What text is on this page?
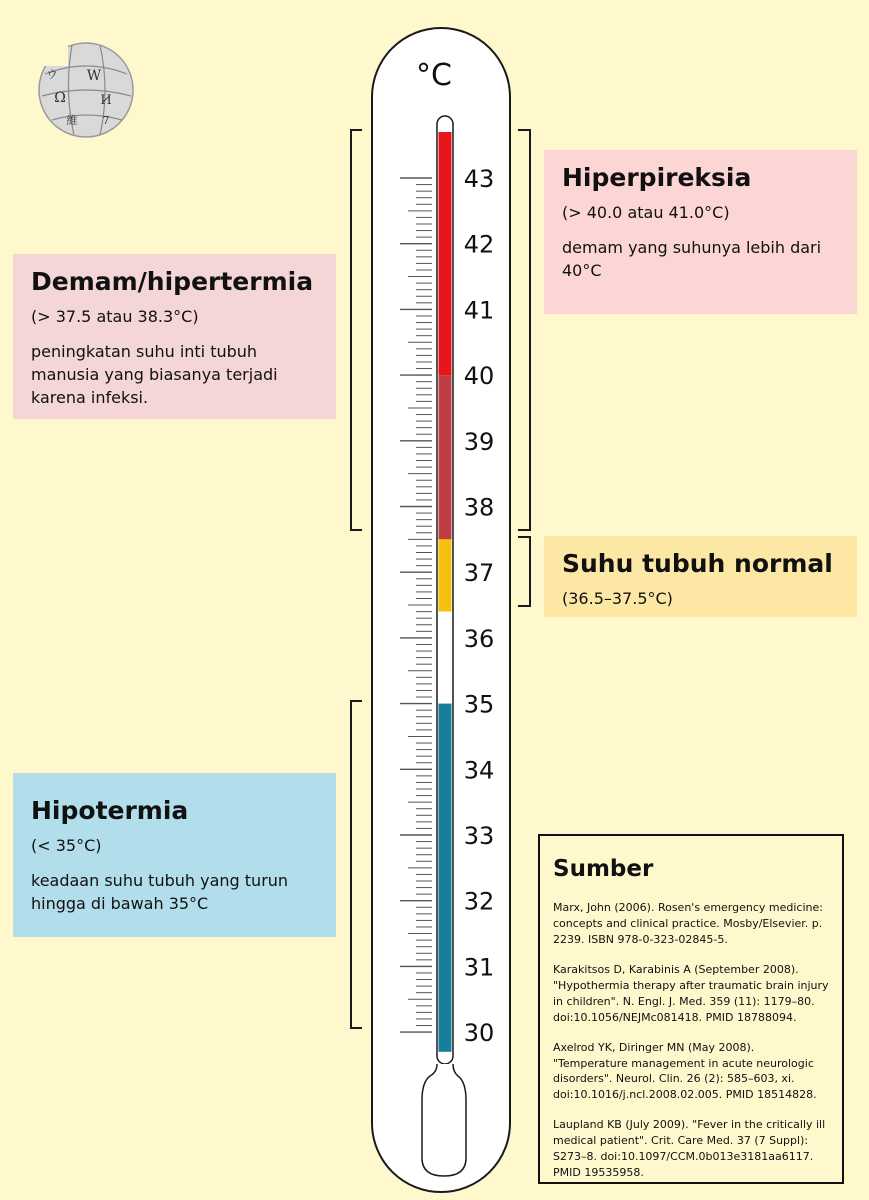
W
Ω	И
維
ウ
7
43
42
41
40
39
38
37
36
35
34
33
32
31
30
°C
Hiperpireksia
(> 40.0 atau 41.0°C)
demam yang suhunya lebih dari 40°C
Demam/hipertermia
(> 37.5 atau 38.3°C)
peningkatan suhu inti tubuh manusia yang biasanya terjadi karena infeksi.
Suhu tubuh normal
(36.5–37.5°C)
Hipotermia
(< 35°C)
keadaan suhu tubuh yang turun hingga di bawah 35°C
Sumber
Marx, John (2006). Rosen's emergency medicine: concepts and clinical practice. Mosby/Elsevier. p. 2239. ISBN 978-0-323-02845-5.
Karakitsos D, Karabinis A (September 2008). "Hypothermia therapy after traumatic brain injury in children". N. Engl. J. Med. 359 (11): 1179–80. doi:10.1056/NEJMc081418. PMID 18788094.
Axelrod YK, Diringer MN (May 2008). "Temperature management in acute neurologic disorders". Neurol. Clin. 26 (2): 585–603, xi. doi:10.1016/j.ncl.2008.02.005. PMID 18514828.
Laupland KB (July 2009). "Fever in the critically ill medical patient". Crit. Care Med. 37 (7 Suppl): S273–8. doi:10.1097/CCM.0b013e3181aa6117. PMID 19535958.
